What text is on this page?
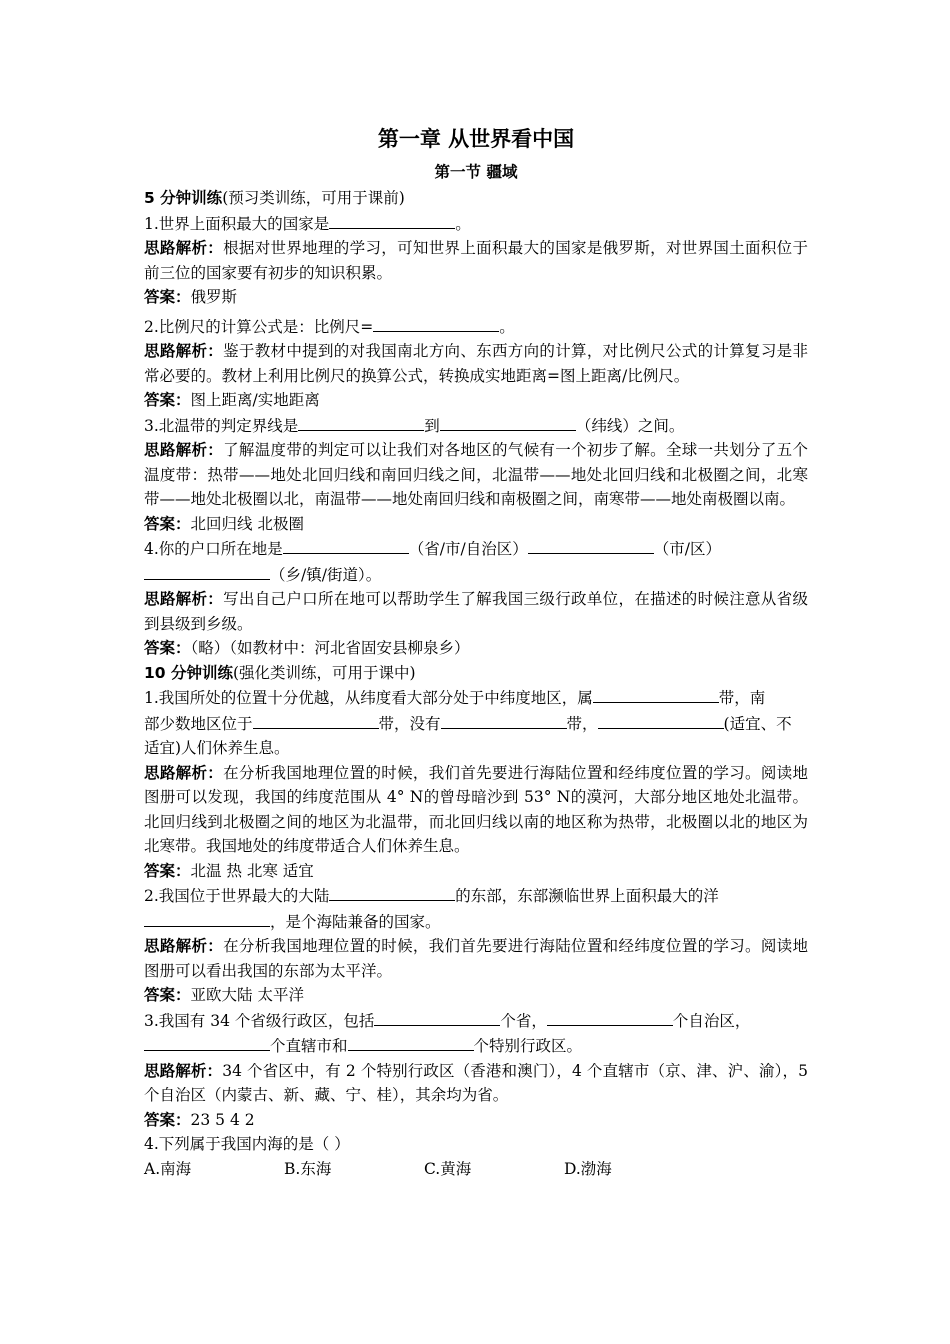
第一章 从世界看中国
第一节 疆域
5 分钟训练(预习类训练，可用于课前)
1.世界上面积最大的国家是	。
思路解析：根据对世界地理的学习，可知世界上面积最大的国家是俄罗斯，对世界国土面积位于前三位的国家要有初步的知识积累。
答案：俄罗斯
2.比例尺的计算公式是：比例尺=	。
思路解析：鉴于教材中提到的对我国南北方向、东西方向的计算，对比例尺公式的计算复习是非常必要的。教材上利用比例尺的换算公式，转换成实地距离=图上距离/比例尺。
答案：图上距离/实地距离
3.北温带的判定界线是	到	（纬线）之间。
思路解析：了解温度带的判定可以让我们对各地区的气候有一个初步了解。全球一共划分了五个温度带：热带——地处北回归线和南回归线之间，北温带——地处北回归线和北极圈之间，北寒带——地处北极圈以北，南温带——地处南回归线和南极圈之间，南寒带——地处南极圈以南。
答案：北回归线 北极圈
4.你的户口所在地是	（省/市/自治区）	（市/区）
（乡/镇/街道）。
思路解析：写出自己户口所在地可以帮助学生了解我国三级行政单位，在描述的时候注意从省级到县级到乡级。
答案：（略）（如教材中：河北省固安县柳泉乡）
10 分钟训练(强化类训练，可用于课中)
1.我国所处的位置十分优越，从纬度看大部分处于中纬度地区，属	带，南
部少数地区位于	带，没有	带，	(适宜、不
适宜)人们休养生息。
思路解析：在分析我国地理位置的时候，我们首先要进行海陆位置和经纬度位置的学习。阅读地图册可以发现，我国的纬度范围从 4° N的曾母暗沙到 53° N的漠河，大部分地区地处北温带。北回归线到北极圈之间的地区为北温带，而北回归线以南的地区称为热带，北极圈以北的地区为北寒带。我国地处的纬度带适合人们休养生息。
答案：北温 热 北寒 适宜
2.我国位于世界最大的大陆	的东部，东部濒临世界上面积最大的洋
，是个海陆兼备的国家。
思路解析：在分析我国地理位置的时候，我们首先要进行海陆位置和经纬度位置的学习。阅读地图册可以看出我国的东部为太平洋。
答案：亚欧大陆 太平洋
3.我国有 34 个省级行政区，包括	个省，	个自治区，
个直辖市和	个特别行政区。
思路解析：34 个省区中，有 2 个特别行政区（香港和澳门），4 个直辖市（京、津、沪、渝），5 个自治区（内蒙古、新、藏、宁、桂），其余均为省。
答案：23 5 4 2
4.下列属于我国内海的是（ ）
A.南海	B.东海	C.黄海	D.渤海
